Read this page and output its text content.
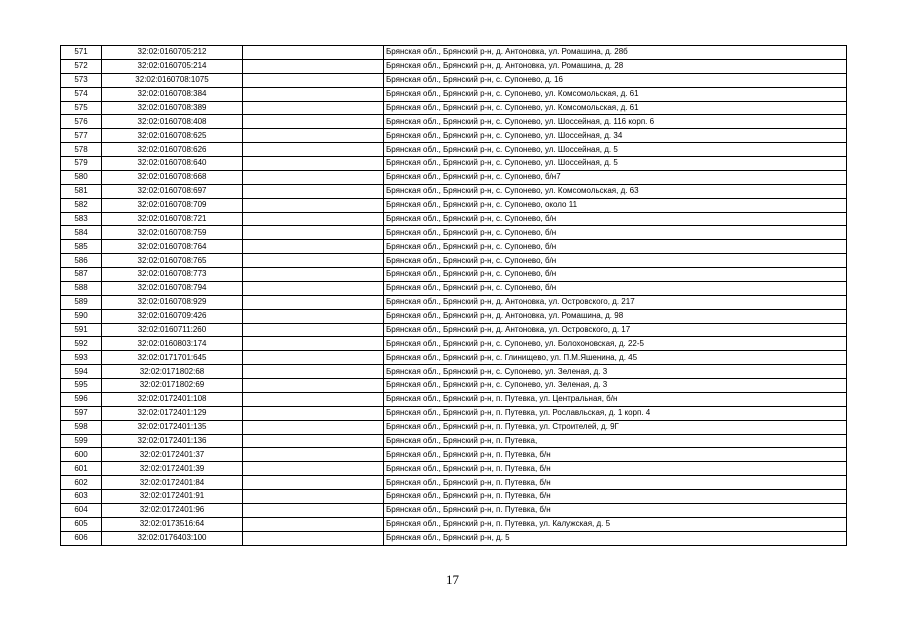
571	32:02:0160705:212		Брянская обл., Брянский р-н, д. Антоновка, ул. Ромашина, д. 28б
572	32:02:0160705:214		Брянская обл., Брянский р-н, д. Антоновка, ул. Ромашина, д. 28
573	32:02:0160708:1075		Брянская обл., Брянский р-н, с. Супонево, д. 16
574	32:02:0160708:384		Брянская обл., Брянский р-н, с. Супонево, ул. Комсомольская, д. 61
575	32:02:0160708:389		Брянская обл., Брянский р-н, с. Супонево, ул. Комсомольская, д. 61
576	32:02:0160708:408		Брянская обл., Брянский р-н, с. Супонево, ул. Шоссейная, д. 116 корп. 6
577	32:02:0160708:625		Брянская обл., Брянский р-н, с. Супонево, ул. Шоссейная, д. 34
578	32:02:0160708:626		Брянская обл., Брянский р-н, с. Супонево, ул. Шоссейная, д. 5
579	32:02:0160708:640		Брянская обл., Брянский р-н, с. Супонево, ул. Шоссейная, д. 5
580	32:02:0160708:668		Брянская обл., Брянский р-н, с. Супонево, б/н7
581	32:02:0160708:697		Брянская обл., Брянский р-н, с. Супонево, ул. Комсомольская, д. 63
582	32:02:0160708:709		Брянская обл., Брянский р-н, с. Супонево, около 11
583	32:02:0160708:721		Брянская обл., Брянский р-н, с. Супонево, б/н
584	32:02:0160708:759		Брянская обл., Брянский р-н, с. Супонево, б/н
585	32:02:0160708:764		Брянская обл., Брянский р-н, с. Супонево, б/н
586	32:02:0160708:765		Брянская обл., Брянский р-н, с. Супонево, б/н
587	32:02:0160708:773		Брянская обл., Брянский р-н, с. Супонево, б/н
588	32:02:0160708:794		Брянская обл., Брянский р-н, с. Супонево, б/н
589	32:02:0160708:929		Брянская обл., Брянский р-н, д. Антоновка, ул. Островского, д. 217
590	32:02:0160709:426		Брянская обл., Брянский р-н, д. Антоновка, ул. Ромашина, д. 98
591	32:02:0160711:260		Брянская обл., Брянский р-н, д. Антоновка, ул. Островского, д. 17
592	32:02:0160803:174		Брянская обл., Брянский р-н, с. Супонево, ул. Болохоновская, д. 22-5
593	32:02:0171701:645		Брянская обл., Брянский р-н, с. Глинищево, ул. П.М.Яшенина, д. 45
594	32:02:0171802:68		Брянская обл., Брянский р-н, с. Супонево, ул. Зеленая, д. 3
595	32:02:0171802:69		Брянская обл., Брянский р-н, с. Супонево, ул. Зеленая, д. 3
596	32:02:0172401:108		Брянская обл., Брянский р-н, п. Путевка, ул. Центральная, б/н
597	32:02:0172401:129		Брянская обл., Брянский р-н, п. Путевка, ул. Рославльская, д. 1 корп. 4
598	32:02:0172401:135		Брянская обл., Брянский р-н, п. Путевка, ул. Строителей, д. 9Г
599	32:02:0172401:136		Брянская обл., Брянский р-н, п. Путевка,
600	32:02:0172401:37		Брянская обл., Брянский р-н, п. Путевка, б/н
601	32:02:0172401:39		Брянская обл., Брянский р-н, п. Путевка, б/н
602	32:02:0172401:84		Брянская обл., Брянский р-н, п. Путевка, б/н
603	32:02:0172401:91		Брянская обл., Брянский р-н, п. Путевка, б/н
604	32:02:0172401:96		Брянская обл., Брянский р-н, п. Путевка, б/н
605	32:02:0173516:64		Брянская обл., Брянский р-н, п. Путевка, ул. Калужская, д. 5
606	32:02:0176403:100		Брянская обл., Брянский р-н, д. 5
17
